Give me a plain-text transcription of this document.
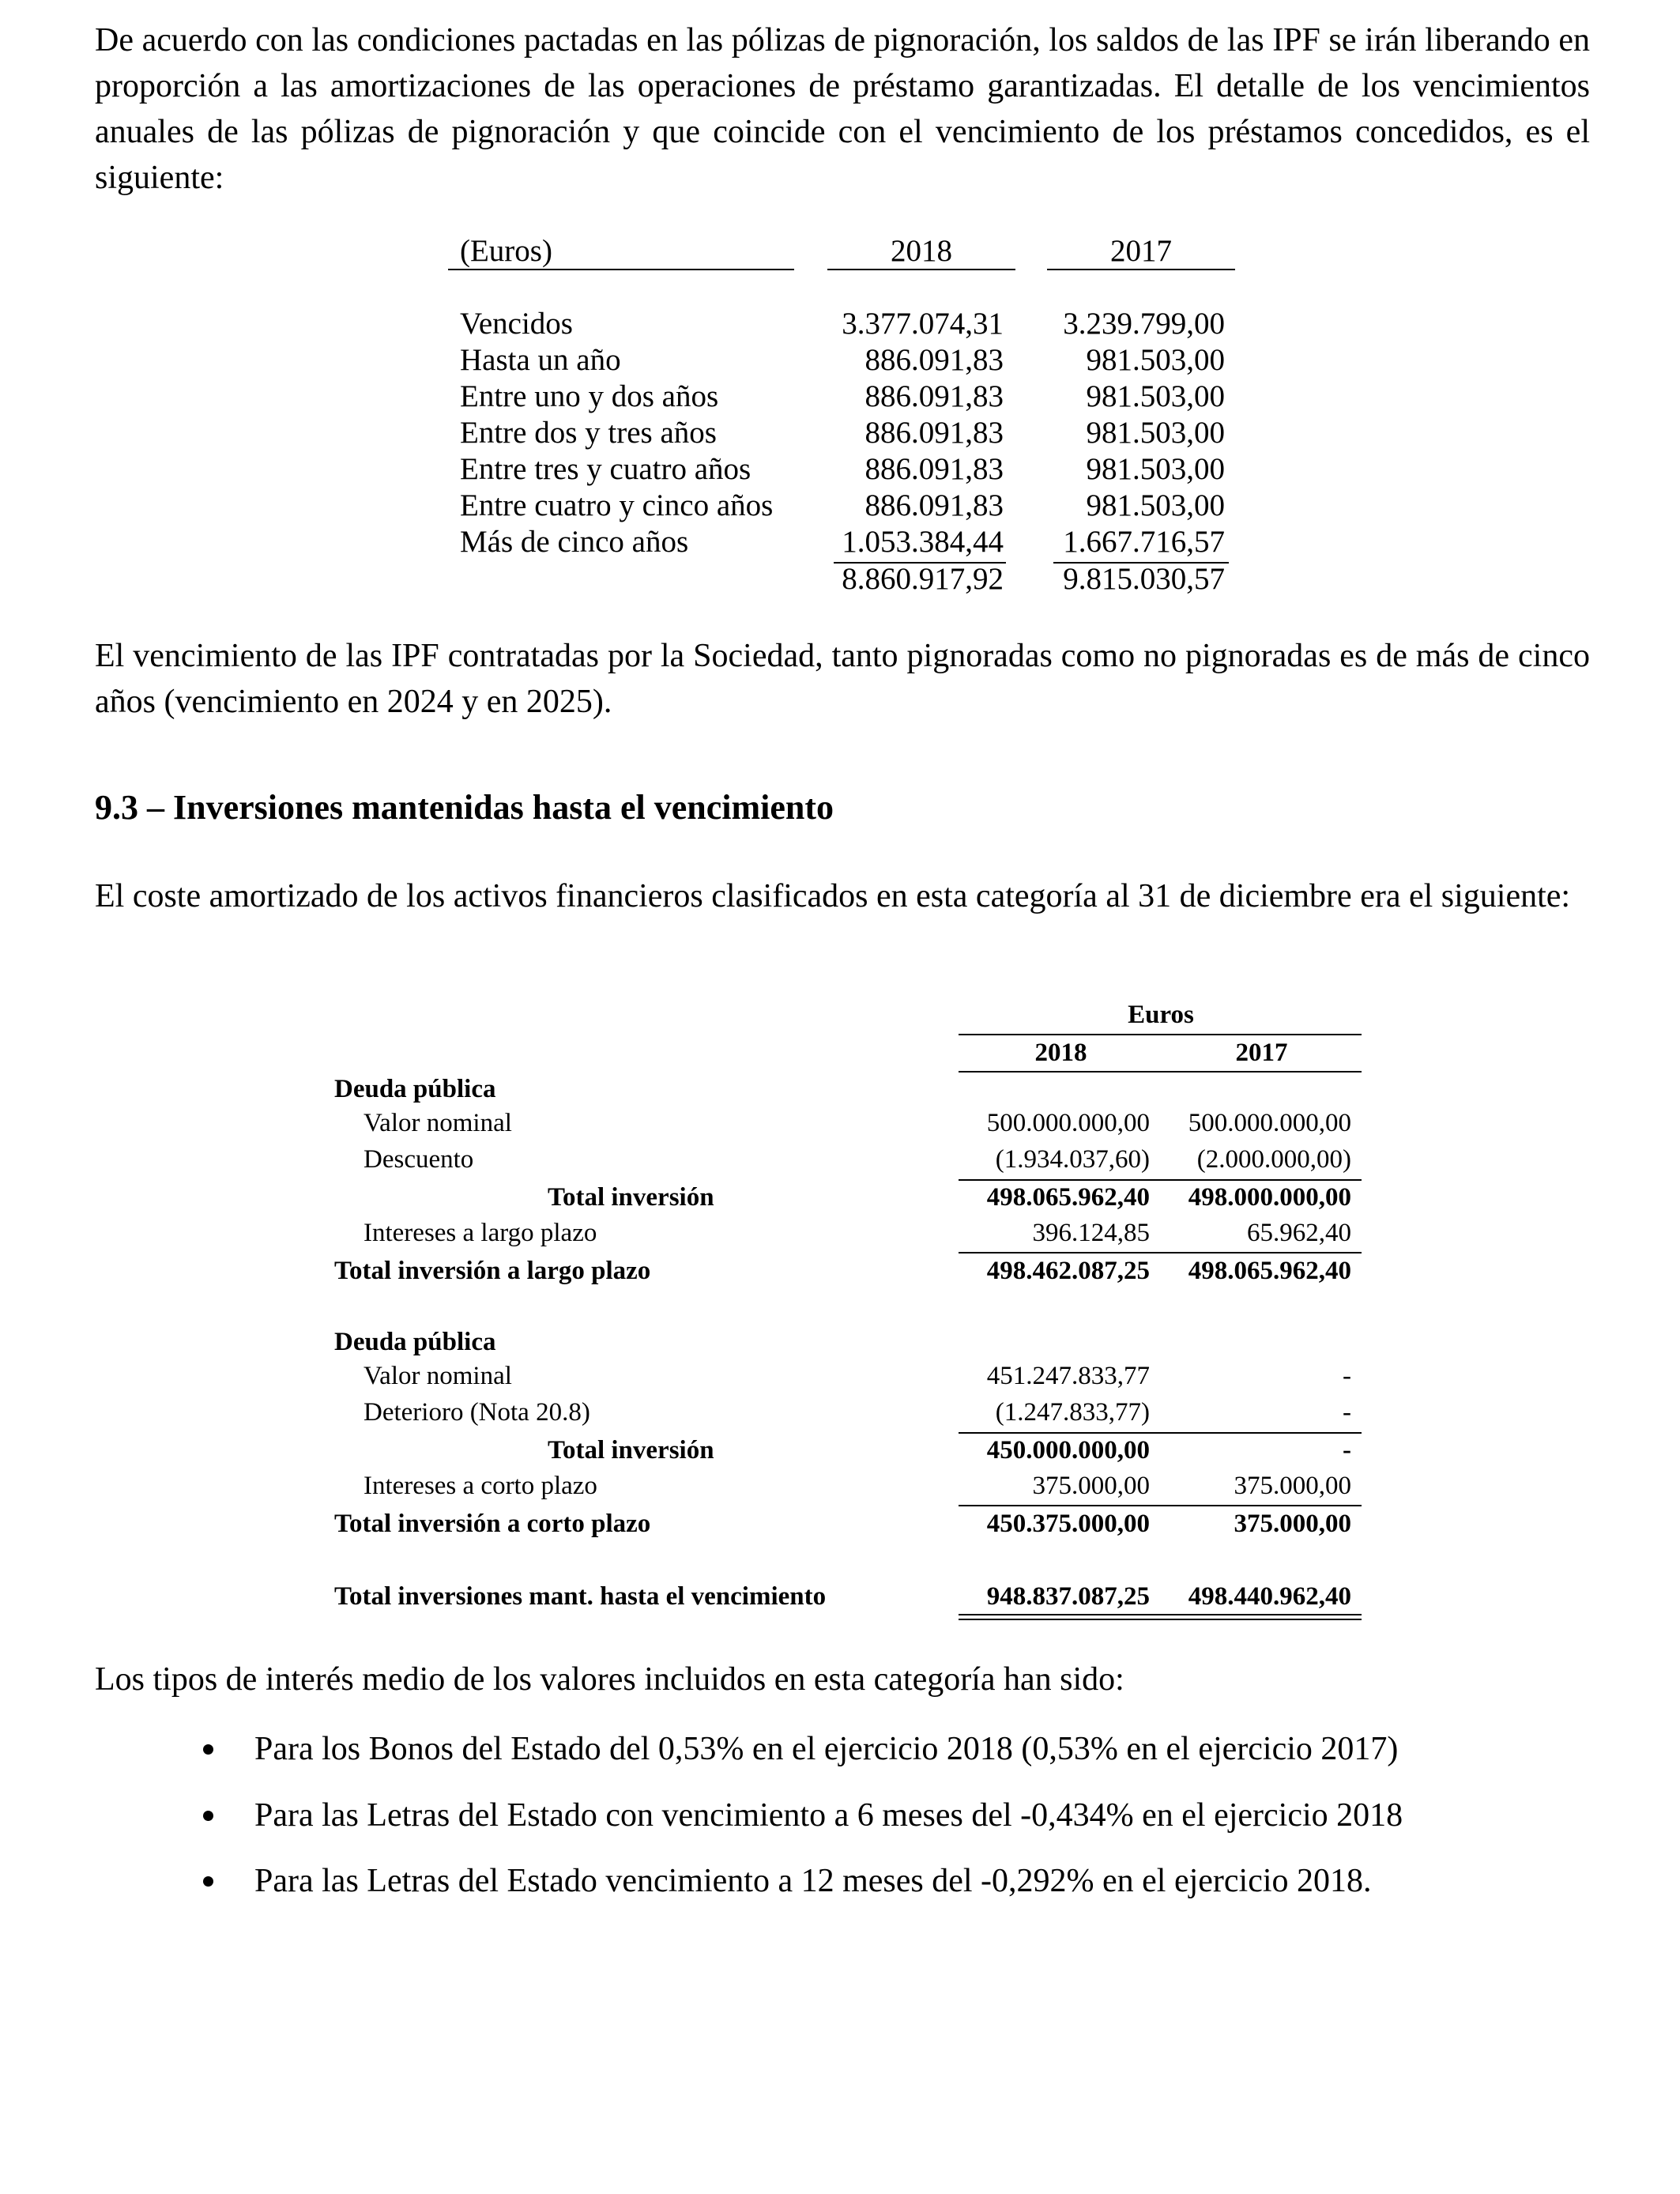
De acuerdo con las condiciones pactadas en las pólizas de pignoración, los saldos de las IPF se irán liberando en proporción a las amortizaciones de las operaciones de préstamo garantizadas. El detalle de los vencimientos anuales de las pólizas de pignoración y que coincide con el vencimiento de los préstamos concedidos, es el siguiente:

(Euros)	2018	2017
Vencidos	3.377.074,31 3.239.799,00
Hasta un año	886.091,83	981.503,00
Entre uno y dos años	886.091,83	981.503,00
Entre dos y tres años	886.091,83	981.503,00
Entre tres y cuatro años	886.091,83	981.503,00
Entre cuatro y cinco años	886.091,83	981.503,00
Más de cinco años	1.053.384,44 1.667.716,57
8.860.917,92 9.815.030,57

El vencimiento de las IPF contratadas por la Sociedad, tanto pignoradas como no pignoradas es de más de cinco años (vencimiento en 2024 y en 2025).

9.3 – Inversiones mantenidas hasta el vencimiento

El coste amortizado de los activos financieros clasificados en esta categoría al 31 de diciembre era el siguiente:

Euros
2018	2017
Deuda pública
Valor nominal	500.000.000,00 500.000.000,00
Descuento	(1.934.037,60) (2.000.000,00)
Total inversión	498.065.962,40 498.000.000,00
Intereses a largo plazo	396.124,85	65.962,40
Total inversión a largo plazo	498.462.087,25 498.065.962,40
Deuda pública
Valor nominal	451.247.833,77	-
Deterioro (Nota 20.8)	(1.247.833,77)	-
Total inversión	450.000.000,00	-
Intereses a corto plazo	375.000,00	375.000,00
Total inversión a corto plazo	450.375.000,00	375.000,00
Total inversiones mant. hasta el vencimiento	948.837.087,25 498.440.962,40

Los tipos de interés medio de los valores incluidos en esta categoría han sido:

Para los Bonos del Estado del 0,53% en el ejercicio 2018 (0,53% en el ejercicio 2017)
Para las Letras del Estado con vencimiento a 6 meses del -0,434% en el ejercicio 2018
Para las Letras del Estado vencimiento a 12 meses del -0,292% en el ejercicio 2018.
